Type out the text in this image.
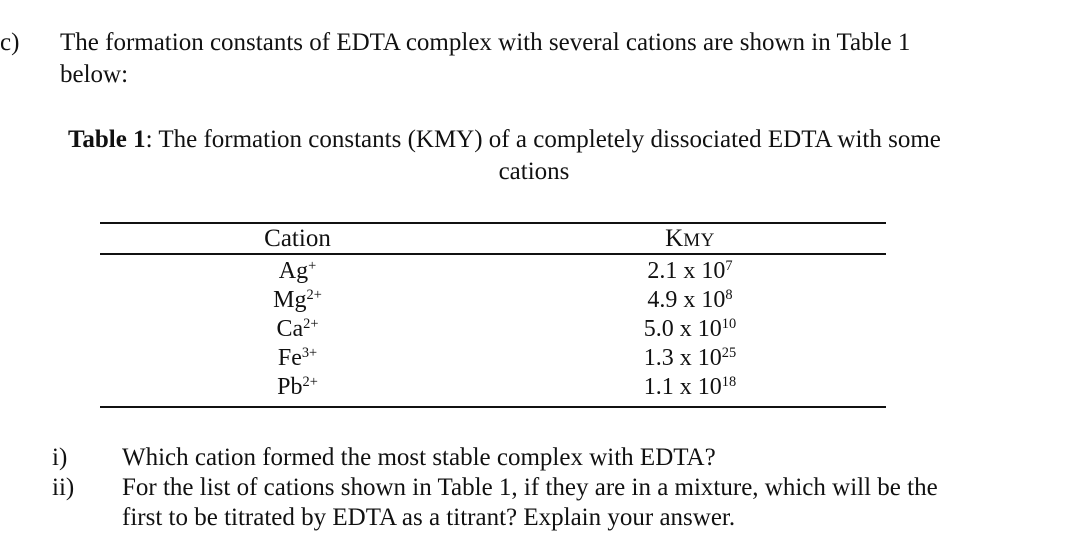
c) The formation constants of EDTA complex with several cations are shown in Table 1
below:
Table 1: The formation constants (KMY) of a completely dissociated EDTA with some
cations
Cation	KMY
Ag+	2.1 x $10^7$
$Mg^{2+}$	4.9 x $10^8$
$Ca^{2+}$	5.0 x $10^{10}$
$Fe^{3+}$	1.3 x $10^{25}$
$Pb^{2+}$	1.1 x $10^{18}$
i) Which cation formed the most stable complex with EDTA?
ii) For the list of cations shown in Table 1, if they are in a mixture, which will be the
first to be titrated by EDTA as a titrant? Explain your answer.
